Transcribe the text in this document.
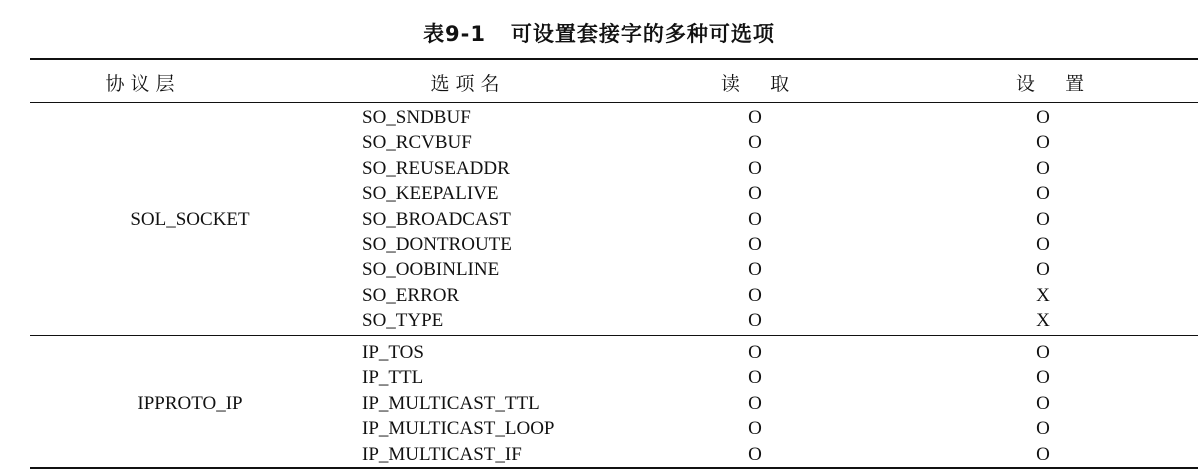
表9-1   可设置套接字的多种可选项
协 议 层	选 项 名	读     取	设     置
SOL_SOCKET
SO_SNDBUF	O	O
SO_RCVBUF	O	O
SO_REUSEADDR	O	O
SO_KEEPALIVE	O	O
SO_BROADCAST	O	O
SO_DONTROUTE	O	O
SO_OOBINLINE	O	O
SO_ERROR	O	X
SO_TYPE	O	X
IPPROTO_IP
IP_TOS	O	O
IP_TTL	O	O
IP_MULTICAST_TTL	O	O
IP_MULTICAST_LOOP	O	O
IP_MULTICAST_IF	O	O
